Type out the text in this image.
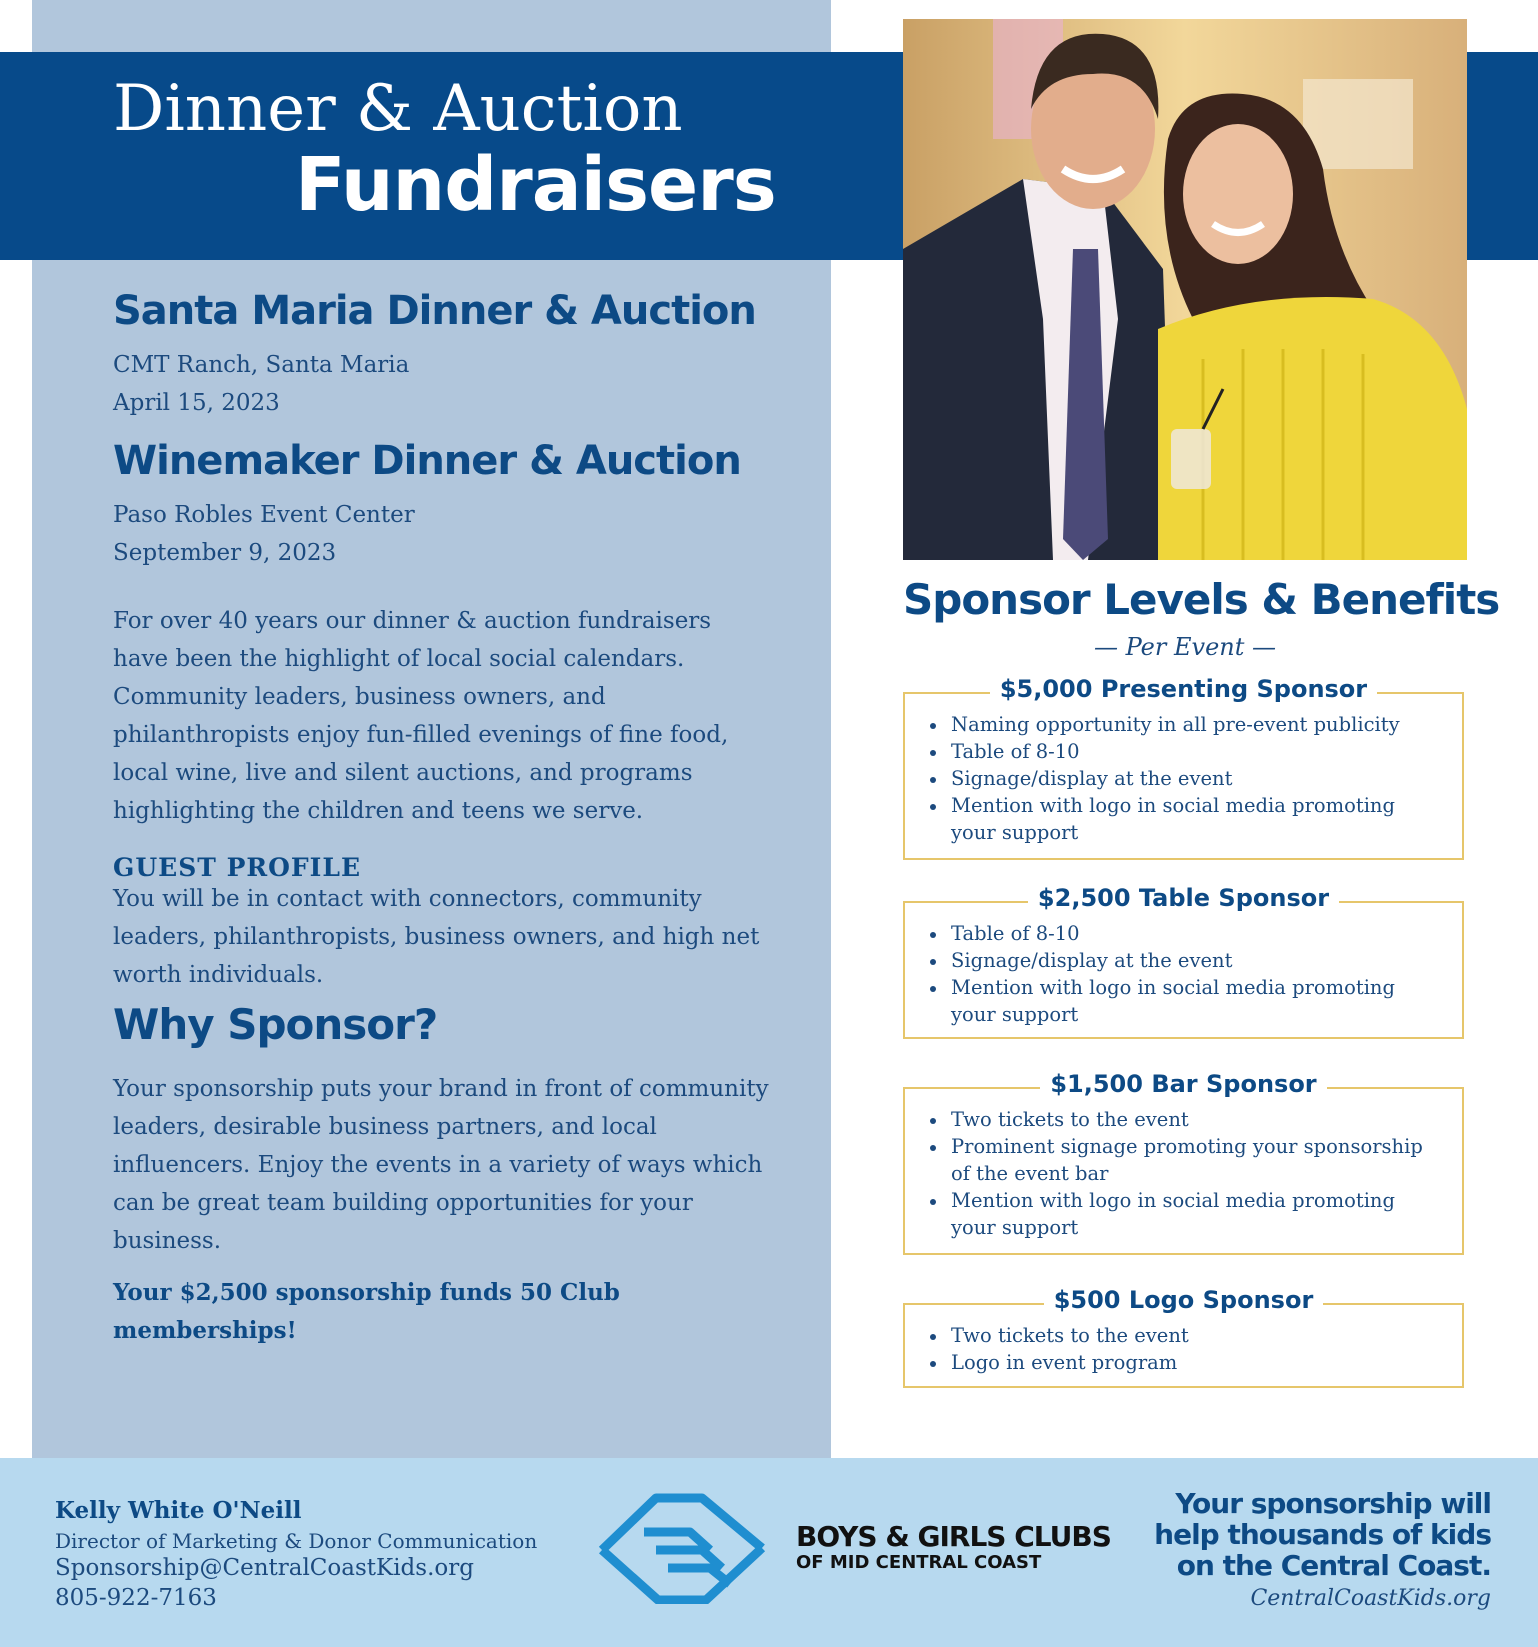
Dinner & Auction
Fundraisers
Santa Maria Dinner & Auction
CMT Ranch, Santa Maria
April 15, 2023
Winemaker Dinner & Auction
Paso Robles Event Center
September 9, 2023
For over 40 years our dinner & auction fundraisers have been the highlight of local social calendars. Community leaders, business owners, and philanthropists enjoy fun-filled evenings of fine food, local wine, live and silent auctions, and programs highlighting the children and teens we serve.
GUEST PROFILE
You will be in contact with connectors, community leaders, philanthropists, business owners, and high net worth individuals.
Why Sponsor?
Your sponsorship puts your brand in front of community leaders, desirable business partners, and local influencers. Enjoy the events in a variety of ways which can be great team building opportunities for your business.
Your $2,500 sponsorship funds 50 Club memberships!
Sponsor Levels & Benefits
— Per Event —
$5,000 Presenting Sponsor
Naming opportunity in all pre-event publicity
Table of 8-10
Signage/display at the event
Mention with logo in social media promoting your support
$2,500 Table Sponsor
Table of 8-10
Signage/display at the event
Mention with logo in social media promoting your support
$1,500 Bar Sponsor
Two tickets to the event
Prominent signage promoting your sponsorship of the event bar
Mention with logo in social media promoting your support
$500 Logo Sponsor
Two tickets to the event
Logo in event program
Kelly White O'Neill
Director of Marketing & Donor Communication
Sponsorship@CentralCoastKids.org
805-922-7163
BOYS & GIRLS CLUBS
OF MID CENTRAL COAST
Your sponsorship will
help thousands of kids
on the Central Coast.
CentralCoastKids.org
